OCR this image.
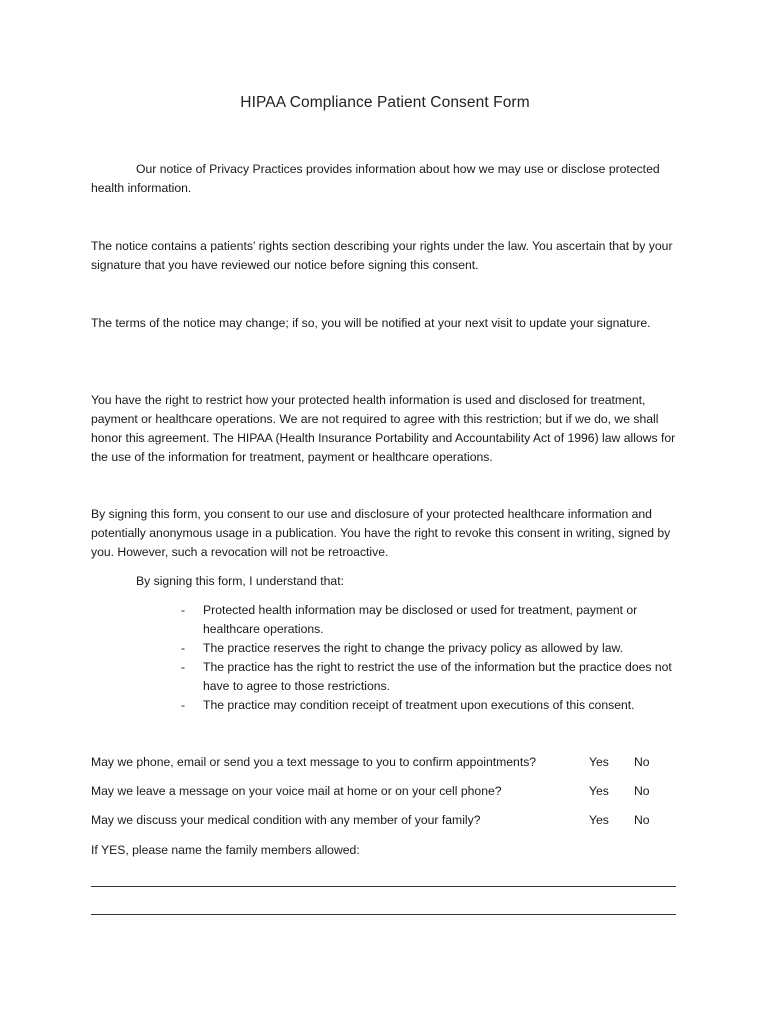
HIPAA Compliance Patient Consent Form

Our notice of Privacy Practices provides information about how we may use or disclose protected health information.

The notice contains a patients’ rights section describing your rights under the law. You ascertain that by your signature that you have reviewed our notice before signing this consent.

The terms of the notice may change; if so, you will be notified at your next visit to update your signature.

You have the right to restrict how your protected health information is used and disclosed for treatment, payment or healthcare operations. We are not required to agree with this restriction; but if we do, we shall honor this agreement. The HIPAA (Health Insurance Portability and Accountability Act of 1996) law allows for the use of the information for treatment, payment or healthcare operations.

By signing this form, you consent to our use and disclosure of your protected healthcare information and potentially anonymous usage in a publication. You have the right to revoke this consent in writing, signed by you. However, such a revocation will not be retroactive.

By signing this form, I understand that:

- Protected health information may be disclosed or used for treatment, payment or healthcare operations.
- The practice reserves the right to change the privacy policy as allowed by law.
- The practice has the right to restrict the use of the information but the practice does not have to agree to those restrictions.
- The practice may condition receipt of treatment upon executions of this consent.
May we phone, email or send you a text message to you to confirm appointments?	Yes No
May we leave a message on your voice mail at home or on your cell phone?	Yes No
May we discuss your medical condition with any member of your family?	Yes No

If YES, please name the family members allowed:
